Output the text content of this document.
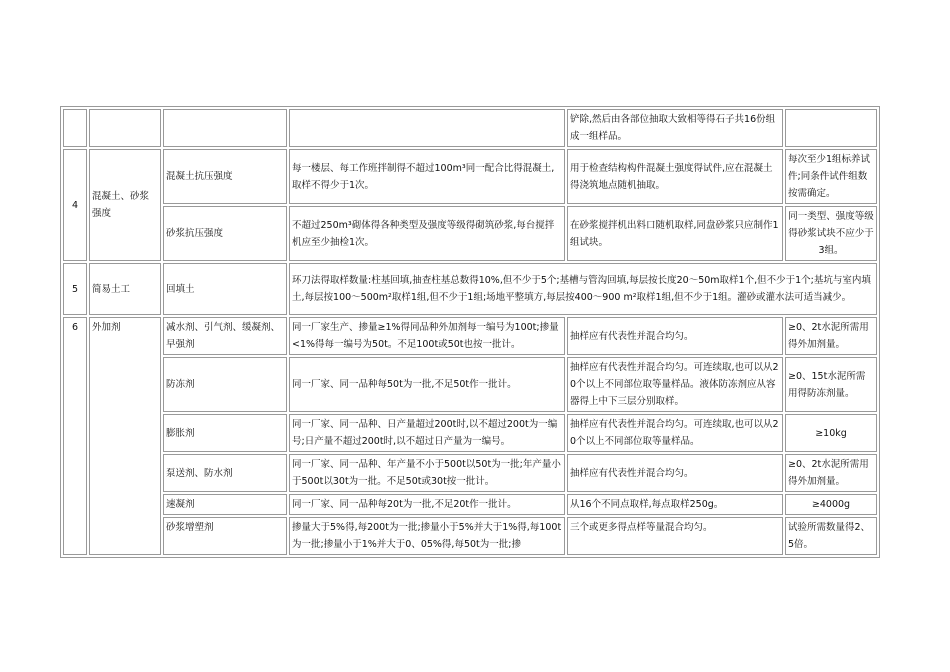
				铲除,然后由各部位抽取大致相等得石子共16份组成一组样品。	
4	混凝土、砂浆强度	混凝土抗压强度	每一楼层、每工作班拌制得不超过100m³同一配合比得混凝土,取样不得少于1次。	用于检查结构构件混凝土强度得试件,应在混凝土得浇筑地点随机抽取。	每次至少1组标养试件;同条件试件组数按需确定。
		砂浆抗压强度	不超过250m³砌体得各种类型及强度等级得砌筑砂浆,每台搅拌机应至少抽检1次。	在砂浆搅拌机出料口随机取样,同盘砂浆只应制作1组试块。	同一类型、强度等级得砂浆试块不应少于3组。
5	简易土工	回填土	环刀法得取样数量:柱基回填,抽查柱基总数得10%,但不少于5个;基槽与管沟回填,每层按长度20～50m取样1个,但不少于1个;基坑与室内填土,每层按100～500m²取样1组,但不少于1组;场地平整填方,每层按400～900 m²取样1组,但不少于1组。灌砂或灌水法可适当减少。		
6	外加剂	减水剂、引气剂、缓凝剂、早强剂	同一厂家生产、掺量≥1%得同品种外加剂每一编号为100t;掺量<1%得每一编号为50t。不足100t或50t也按一批计。	抽样应有代表性并混合均匀。	≥0、2t水泥所需用得外加剂量。
		防冻剂	同一厂家、同一品种每50t为一批,不足50t作一批计。	抽样应有代表性并混合均匀。可连续取,也可以从20个以上不同部位取等量样品。液体防冻剂应从容器得上中下三层分别取样。	≥0、15t水泥所需用得防冻剂量。
		膨胀剂	同一厂家、同一品种、日产量超过200t时,以不超过200t为一编号;日产量不超过200t时,以不超过日产量为一编号。	抽样应有代表性并混合均匀。可连续取,也可以从20个以上不同部位取等量样品。	≥10kg
		泵送剂、防水剂	同一厂家、同一品种、年产量不小于500t以50t为一批;年产量小于500t以30t为一批。不足50t或30t按一批计。	抽样应有代表性并混合均匀。	≥0、2t水泥所需用得外加剂量。
		速凝剂	同一厂家、同一品种每20t为一批,不足20t作一批计。	从16个不同点取样,每点取样250g。	≥4000g
		砂浆增塑剂	掺量大于5%得,每200t为一批;掺量小于5%并大于1%得,每100t为一批;掺量小于1%并大于0、05%得,每50t为一批;掺	三个或更多得点样等量混合均匀。	试验所需数量得2、5倍。
